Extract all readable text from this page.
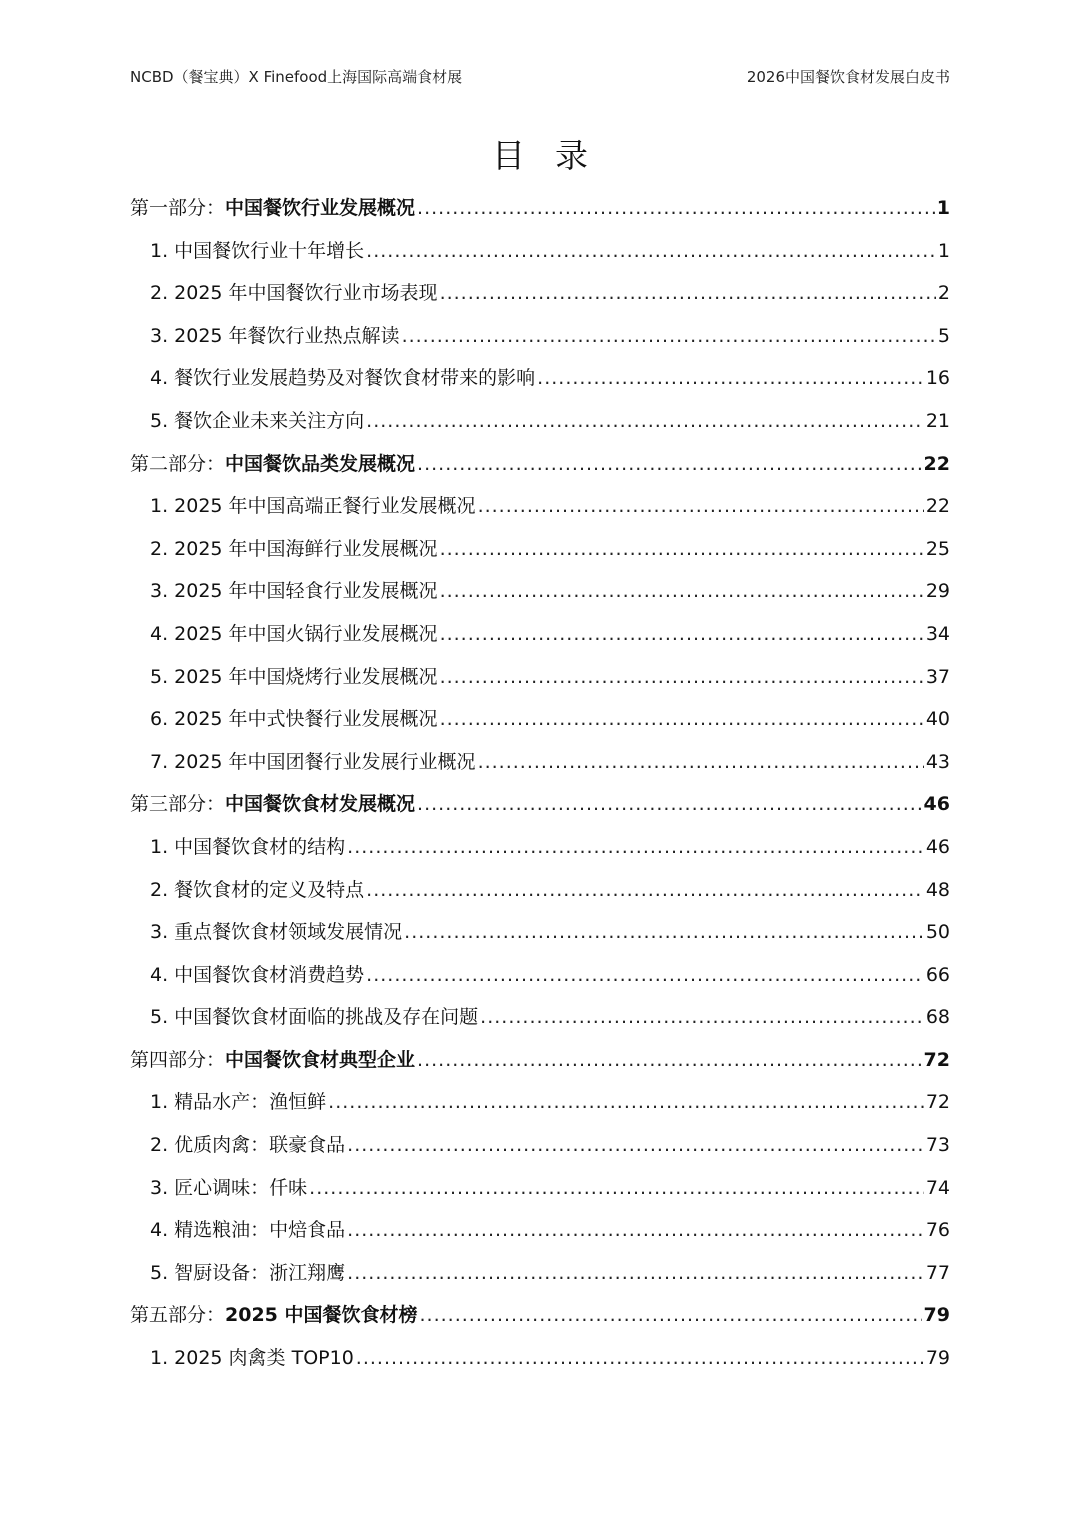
NCBD（餐宝典）X Finefood上海国际高端食材展	2026中国餐饮食材发展白皮书
目录
第一部分：中国餐饮行业发展概况 .....	1
1. 中国餐饮行业十年增长 .....	1
2. 2025 年中国餐饮行业市场表现 .....	2
3. 2025 年餐饮行业热点解读 .....	5
4. 餐饮行业发展趋势及对餐饮食材带来的影响 .....	16
5. 餐饮企业未来关注方向 .....	21
第二部分：中国餐饮品类发展概况 .....	22
1. 2025 年中国高端正餐行业发展概况 .....	22
2. 2025 年中国海鲜行业发展概况 .....	25
3. 2025 年中国轻食行业发展概况 .....	29
4. 2025 年中国火锅行业发展概况 .....	34
5. 2025 年中国烧烤行业发展概况 .....	37
6. 2025 年中式快餐行业发展概况 .....	40
7. 2025 年中国团餐行业发展行业概况 .....	43
第三部分：中国餐饮食材发展概况 .....	46
1. 中国餐饮食材的结构 .....	46
2. 餐饮食材的定义及特点 .....	48
3. 重点餐饮食材领域发展情况 .....	50
4. 中国餐饮食材消费趋势 .....	66
5. 中国餐饮食材面临的挑战及存在问题 .....	68
第四部分：中国餐饮食材典型企业 .....	72
1. 精品水产：渔恒鲜 .....	72
2. 优质肉禽：联豪食品 .....	73
3. 匠心调味：仟味 .....	74
4. 精选粮油：中焙食品 .....	76
5. 智厨设备：浙江翔鹰 .....	77
第五部分：2025 中国餐饮食材榜 .....	79
1. 2025 肉禽类 TOP10 .....	79
